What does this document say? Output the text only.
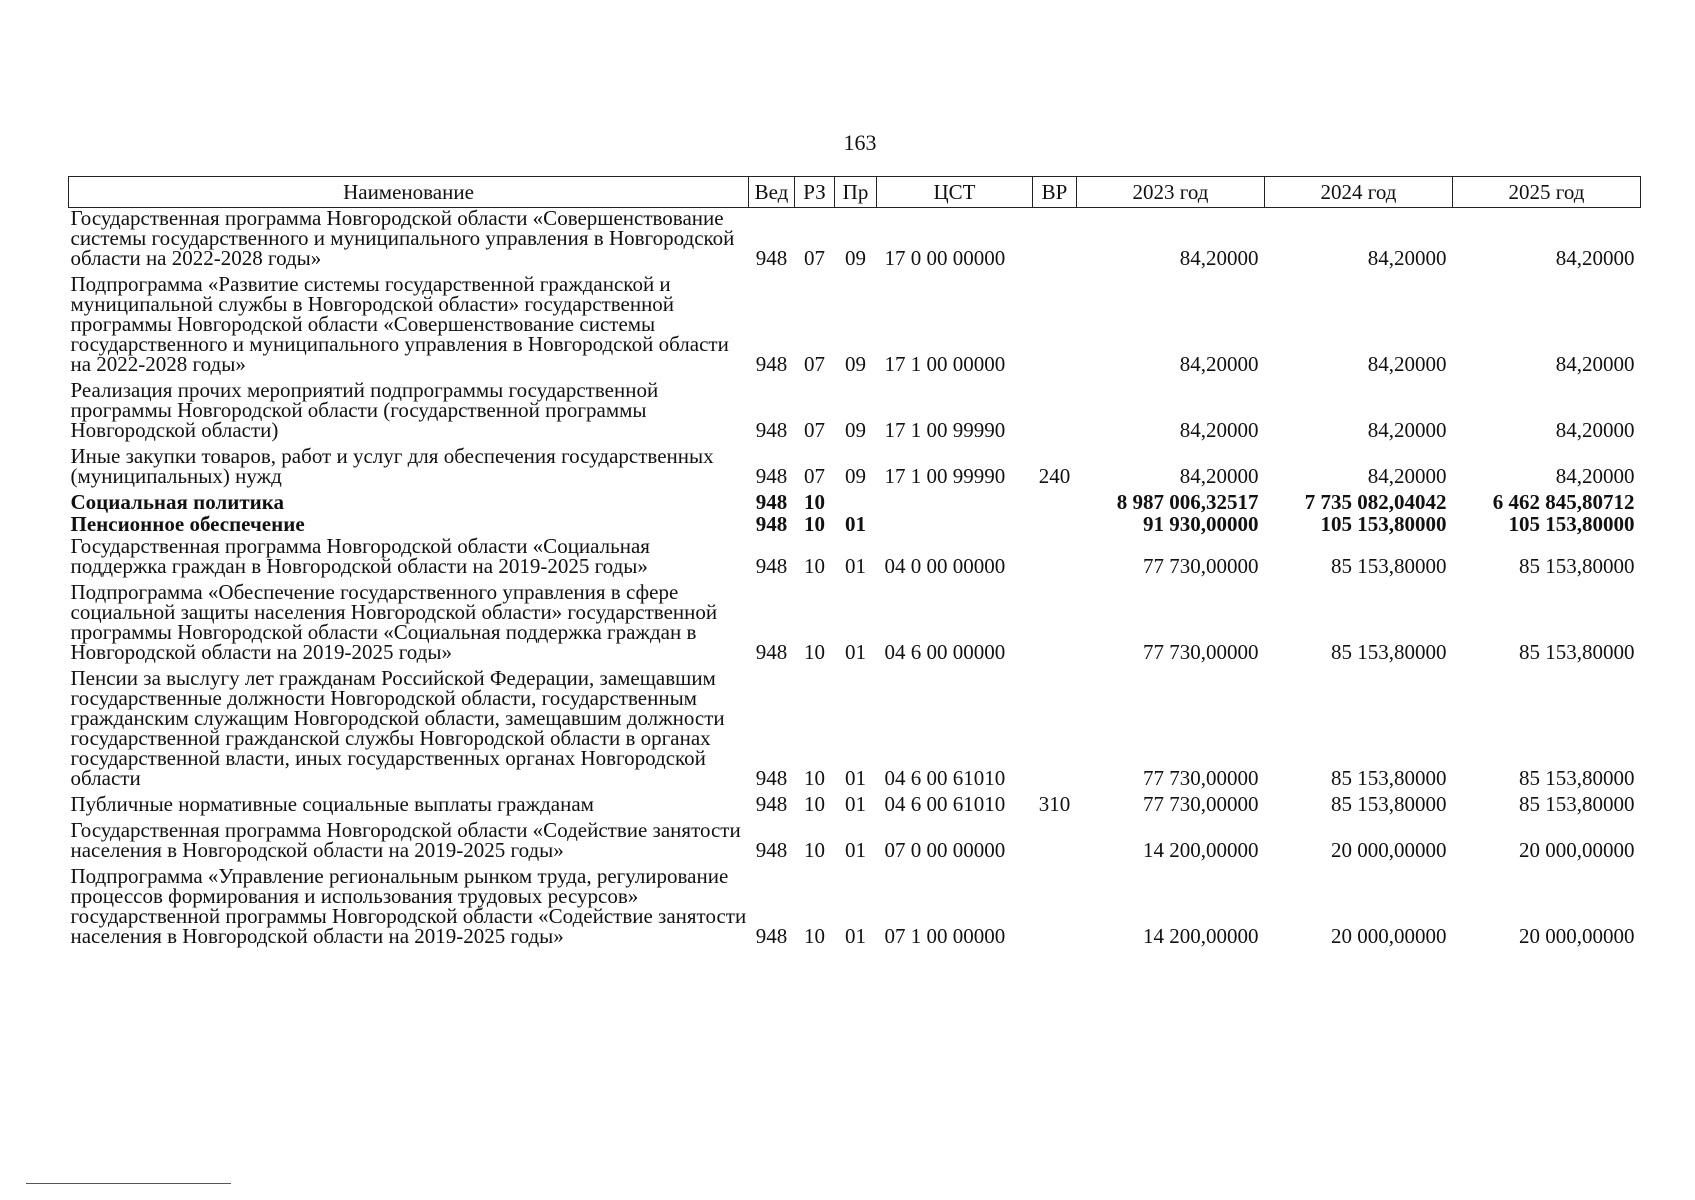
163
Наименование	Вед	РЗ	Пр	ЦСТ	ВР	2023 год	2024 год	2025 год
Государственная программа Новгородской области «Совершенствование системы государственного и муниципального управления в Новгородской области на 2022-2028 годы»	948	07	09	17 0 00 00000		84,20000	84,20000	84,20000
Подпрограмма «Развитие системы государственной гражданской и муниципальной службы в Новгородской области» государственной программы Новгородской области «Совершенствование системы государственного и муниципального управления в Новгородской области на 2022-2028 годы»	948	07	09	17 1 00 00000		84,20000	84,20000	84,20000
Реализация прочих мероприятий подпрограммы государственной программы Новгородской области (государственной программы Новгородской области)	948	07	09	17 1 00 99990		84,20000	84,20000	84,20000
Иные закупки товаров, работ и услуг для обеспечения государственных (муниципальных) нужд	948	07	09	17 1 00 99990	240	84,20000	84,20000	84,20000
Социальная политика	948	10				8 987 006,32517	7 735 082,04042	6 462 845,80712
Пенсионное обеспечение	948	10	01			91 930,00000	105 153,80000	105 153,80000
Государственная программа Новгородской области «Социальная поддержка граждан в Новгородской области на 2019-2025 годы»	948	10	01	04 0 00 00000		77 730,00000	85 153,80000	85 153,80000
Подпрограмма «Обеспечение государственного управления в сфере социальной защиты населения Новгородской области» государственной программы Новгородской области «Социальная поддержка граждан в Новгородской области на 2019-2025 годы»	948	10	01	04 6 00 00000		77 730,00000	85 153,80000	85 153,80000
Пенсии за выслугу лет гражданам Российской Федерации, замещавшим государственные должности Новгородской области, государственным гражданским служащим Новгородской области, замещавшим должности государственной гражданской службы Новгородской области в органах государственной власти, иных государственных органах Новгородской области	948	10	01	04 6 00 61010		77 730,00000	85 153,80000	85 153,80000
Публичные нормативные социальные выплаты гражданам	948	10	01	04 6 00 61010	310	77 730,00000	85 153,80000	85 153,80000
Государственная программа Новгородской области «Содействие занятости населения в Новгородской области на 2019-2025 годы»	948	10	01	07 0 00 00000		14 200,00000	20 000,00000	20 000,00000
Подпрограмма «Управление региональным рынком труда, регулирование процессов формирования и использования трудовых ресурсов» государственной программы Новгородской области «Содействие занятости населения в Новгородской области на 2019-2025 годы»	948	10	01	07 1 00 00000		14 200,00000	20 000,00000	20 000,00000
